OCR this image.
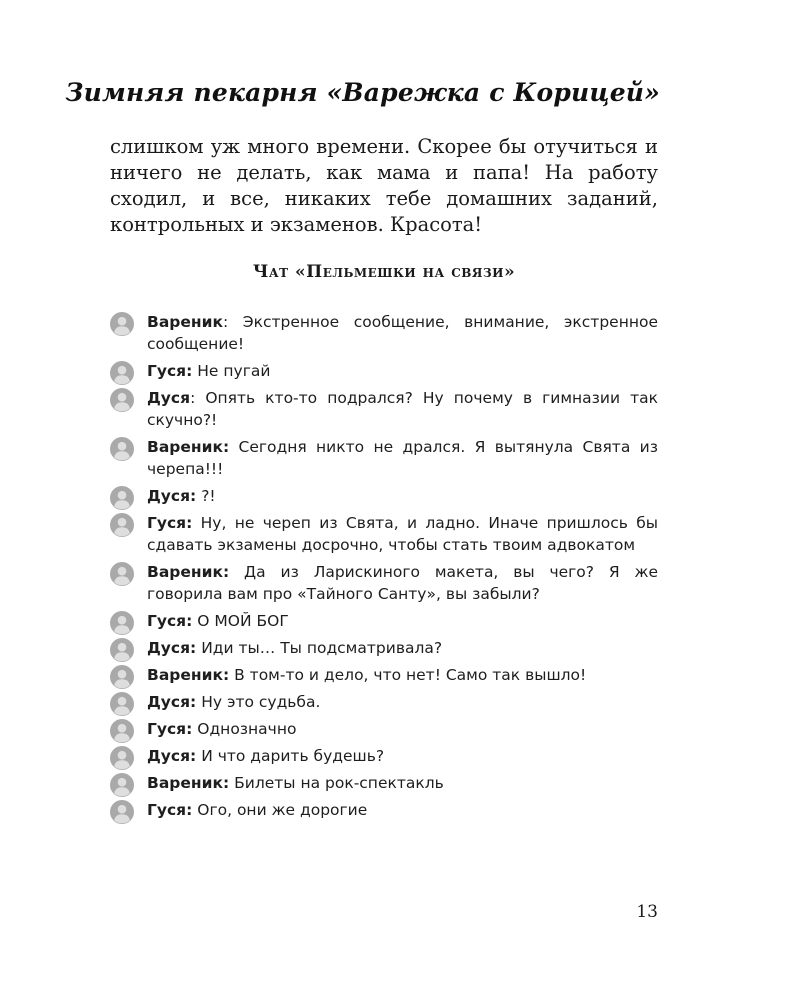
Зимняя пекарня «Варежка с Корицей»

слишком уж много времени. Скорее бы отучиться и ничего не делать, как мама и папа! На работу сходил, и все, никаких тебе домашних заданий, контрольных и экзаменов. Красота!

Чат «Пельмешки на связи»
Вареник: Экстренное сообщение, внимание, экстренное сообщение!
Гуся: Не пугай
Дуся: Опять кто-то подрался? Ну почему в гимназии так скучно?!
Вареник: Сегодня никто не дрался. Я вытянула Свята из черепа!!!
Дуся: ?!
Гуся: Ну, не череп из Свята, и ладно. Иначе пришлось бы сдавать экзамены досрочно, чтобы стать твоим адвокатом
Вареник: Да из Ларискиного макета, вы чего? Я же говорила вам про «Тайного Санту», вы забыли?
Гуся: О МОЙ БОГ
Дуся: Иди ты… Ты подсматривала?
Вареник: В том-то и дело, что нет! Само так вышло!
Дуся: Ну это судьба.
Гуся: Однозначно
Дуся: И что дарить будешь?
Вареник: Билеты на рок-спектакль
Гуся: Ого, они же дорогие
13
